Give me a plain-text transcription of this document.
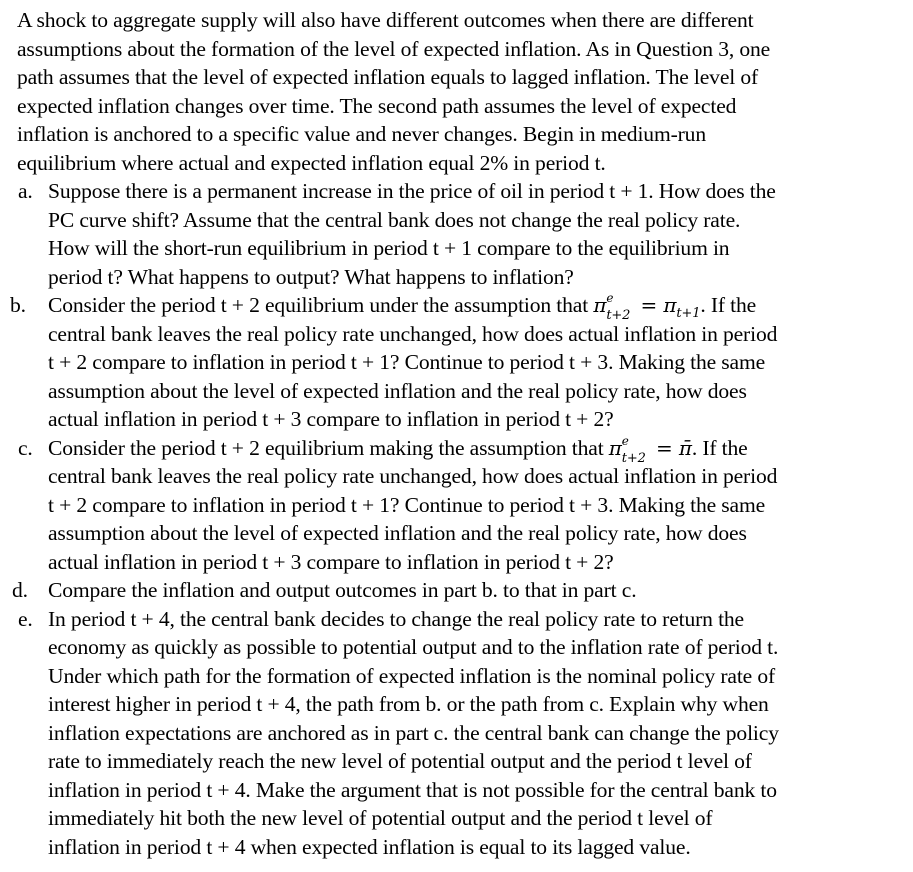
A shock to aggregate supply will also have different outcomes when there are different
assumptions about the formation of the level of expected inflation. As in Question 3, one
path assumes that the level of expected inflation equals to lagged inflation. The level of
expected inflation changes over time. The second path assumes the level of expected
inflation is anchored to a specific value and never changes. Begin in medium-run
equilibrium where actual and expected inflation equal 2% in period t.
a. Suppose there is a permanent increase in the price of oil in period t + 1. How does the
PC curve shift? Assume that the central bank does not change the real policy rate.
How will the short-run equilibrium in period t + 1 compare to the equilibrium in
period t? What happens to output? What happens to inflation?
b.	Consider the period t + 2 equilibrium under the assumption that π e
$t+2 = \pi_{t+1}$. If the
central bank leaves the real policy rate unchanged, how does actual inflation in period
t + 2 compare to inflation in period t + 1? Continue to period t + 3. Making the same
assumption about the level of expected inflation and the real policy rate, how does
actual inflation in period t + 3 compare to inflation in period t + 2?
c. Consider the period t + 2 equilibrium making the assumption that π e
t+2 = π̄. If the
central bank leaves the real policy rate unchanged, how does actual inflation in period
t + 2 compare to inflation in period t + 1? Continue to period t + 3. Making the same
assumption about the level of expected inflation and the real policy rate, how does
actual inflation in period t + 3 compare to inflation in period t + 2?
d. Compare the inflation and output outcomes in part b. to that in part c.
e. In period t + 4, the central bank decides to change the real policy rate to return the
economy as quickly as possible to potential output and to the inflation rate of period t.
Under which path for the formation of expected inflation is the nominal policy rate of
interest higher in period t + 4, the path from b. or the path from c. Explain why when
inflation expectations are anchored as in part c. the central bank can change the policy
rate to immediately reach the new level of potential output and the period t level of
inflation in period t + 4. Make the argument that is not possible for the central bank to
immediately hit both the new level of potential output and the period t level of
inflation in period t + 4 when expected inflation is equal to its lagged value.
